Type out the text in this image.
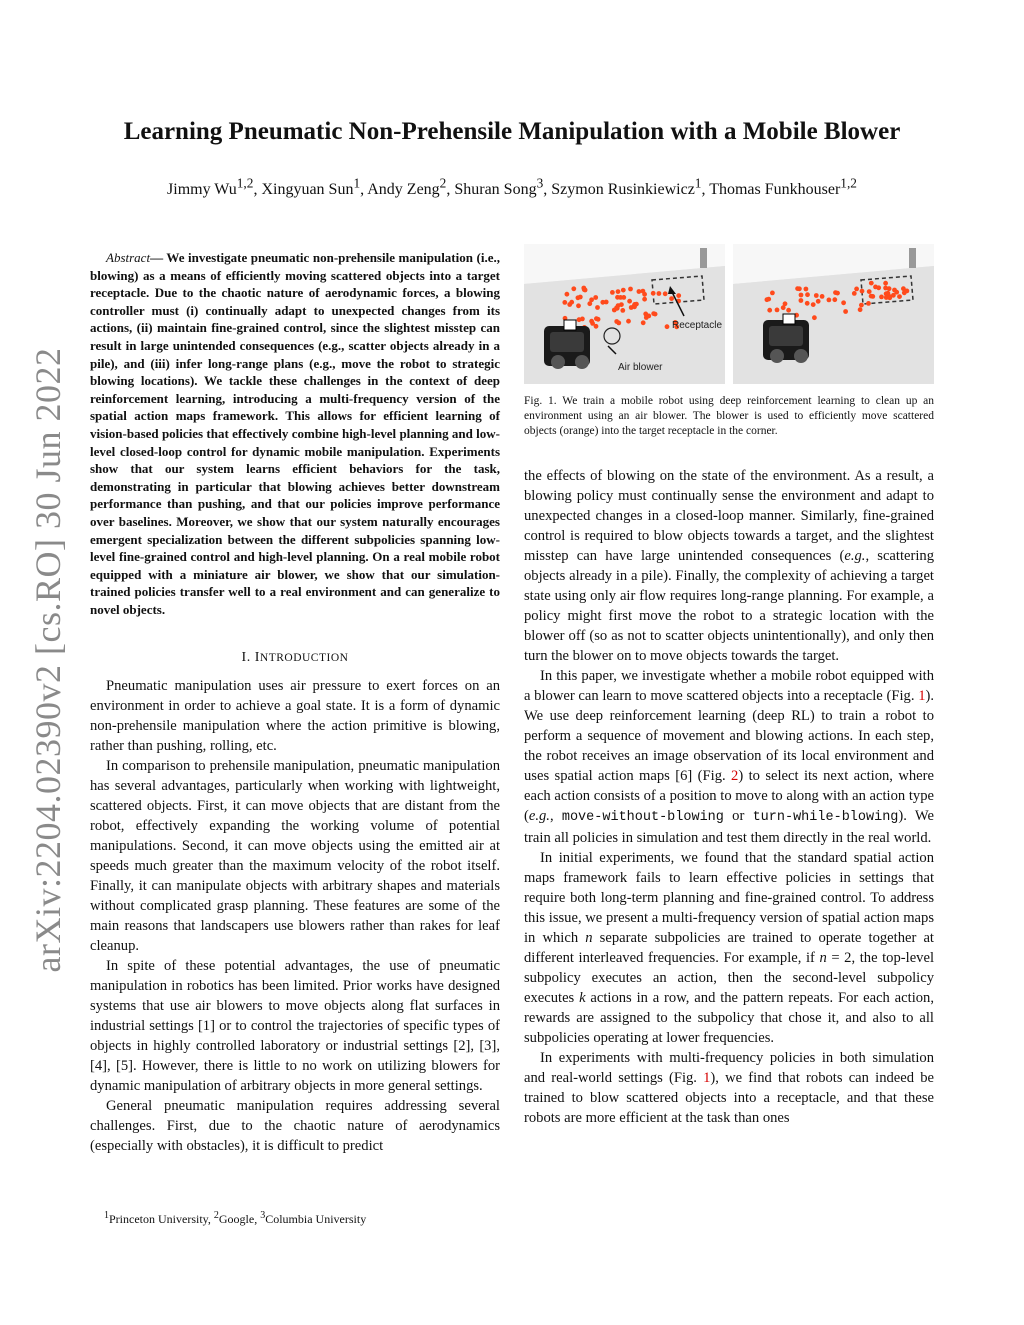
arXiv:2204.02390v2 [cs.RO] 30 Jun 2022
Learning Pneumatic Non-Prehensile Manipulation with a Mobile Blower
Jimmy Wu$^{1,2}$, Xingyuan Sun$^1$, Andy Zeng$^2$, Shuran Song$^3$, Szymon Rusinkiewicz$^1$, Thomas Funkhouser$^{1,2}$
Abstract— We investigate pneumatic non-prehensile manipulation (i.e., blowing) as a means of efficiently moving scattered objects into a target receptacle. Due to the chaotic nature of aerodynamic forces, a blowing controller must (i) continually adapt to unexpected changes from its actions, (ii) maintain fine-grained control, since the slightest misstep can result in large unintended consequences (e.g., scatter objects already in a pile), and (iii) infer long-range plans (e.g., move the robot to strategic blowing locations). We tackle these challenges in the context of deep reinforcement learning, introducing a multi-frequency version of the spatial action maps framework. This allows for efficient learning of vision-based policies that effectively combine high-level planning and low-level closed-loop control for dynamic mobile manipulation. Experiments show that our system learns efficient behaviors for the task, demonstrating in particular that blowing achieves better downstream performance than pushing, and that our policies improve performance over baselines. Moreover, we show that our system naturally encourages emergent specialization between the different subpolicies spanning low-level fine-grained control and high-level planning. On a real mobile robot equipped with a miniature air blower, we show that our simulation-trained policies transfer well to a real environment and can generalize to novel objects.
I. INTRODUCTION

Pneumatic manipulation uses air pressure to exert forces on an environment in order to achieve a goal state. It is a form of dynamic non-prehensile manipulation where the action primitive is blowing, rather than pushing, rolling, etc.

In comparison to prehensile manipulation, pneumatic manipulation has several advantages, particularly when working with lightweight, scattered objects. First, it can move objects that are distant from the robot, effectively expanding the working volume of potential manipulations. Second, it can move objects using the emitted air at speeds much greater than the maximum velocity of the robot itself. Finally, it can manipulate objects with arbitrary shapes and materials without complicated grasp planning. These features are some of the main reasons that landscapers use blowers rather than rakes for leaf cleanup.

In spite of these potential advantages, the use of pneumatic manipulation in robotics has been limited. Prior works have designed systems that use air blowers to move objects along flat surfaces in industrial settings [1] or to control the trajectories of specific types of objects in highly controlled laboratory or industrial settings [2], [3], [4], [5]. However, there is little to no work on utilizing blowers for dynamic manipulation of arbitrary objects in more general settings.

General pneumatic manipulation requires addressing several challenges. First, due to the chaotic nature of aerodynamics (especially with obstacles), it is difficult to predict

$^1$Princeton University, $^2$Google, $^3$Columbia University
Receptacle
Air blower
Fig. 1. We train a mobile robot using deep reinforcement learning to clean up an environment using an air blower. The blower is used to efficiently move scattered objects (orange) into the target receptacle in the corner.

the effects of blowing on the state of the environment. As a result, a blowing policy must continually sense the environment and adapt to unexpected changes in a closed-loop manner. Similarly, fine-grained control is required to blow objects towards a target, and the slightest misstep can have large unintended consequences (e.g., scattering objects already in a pile). Finally, the complexity of achieving a target state using only air flow requires long-range planning. For example, a policy might first move the robot to a strategic location with the blower off (so as not to scatter objects unintentionally), and only then turn the blower on to move objects towards the target.

In this paper, we investigate whether a mobile robot equipped with a blower can learn to move scattered objects into a receptacle (Fig. 1). We use deep reinforcement learning (deep RL) to train a robot to perform a sequence of movement and blowing actions. In each step, the robot receives an image observation of its local environment and uses spatial action maps [6] (Fig. 2) to select its next action, where each action consists of a position to move to along with an action type (e.g., move-without-blowing or turn-while-blowing). We train all policies in simulation and test them directly in the real world.

In initial experiments, we found that the standard spatial action maps framework fails to learn effective policies in settings that require both long-term planning and fine-grained control. To address this issue, we present a multi-frequency version of spatial action maps in which n separate subpolicies are trained to operate together at different interleaved frequencies. For example, if n = 2, the top-level subpolicy executes an action, then the second-level subpolicy executes k actions in a row, and the pattern repeats. For each action, rewards are assigned to the subpolicy that chose it, and also to all subpolicies operating at lower frequencies.

In experiments with multi-frequency policies in both simulation and real-world settings (Fig. 1), we find that robots can indeed be trained to blow scattered objects into a receptacle, and that these robots are more efficient at the task than ones
